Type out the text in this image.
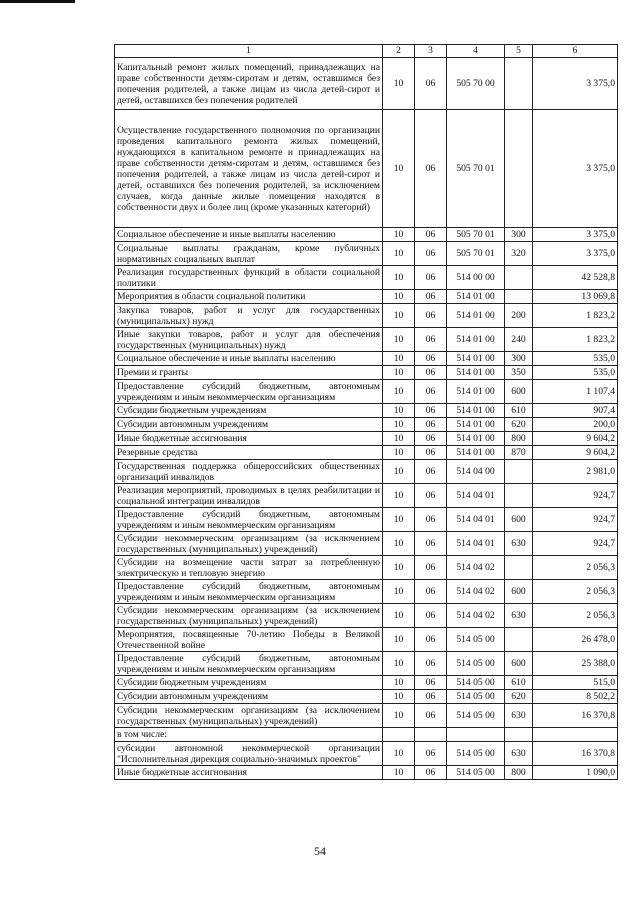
1	2	3	4	5	6
Капитальный ремонт жилых помещений, принадлежащих на праве собственности детям-сиротам и детям, оставшимся без попечения родителей, а также лицам из числа детей-сирот и детей, оставшихся без попечения родителей	10	06	505 70 00		3 375,0
Осуществление государственного полномочия по организации проведения капитального ремонта жилых помещений, нуждающихся в капитальном ремонте и принадлежащих на праве собственности детям-сиротам и детям, оставшимся без попечения родителей, а также лицам из числа детей-сирот и детей, оставшихся без попечения родителей, за исключением случаев, когда данные жилые помещения находятся в собственности двух и более лиц (кроме указанных категорий)	10	06	505 70 01		3 375,0
Социальное обеспечение и иные выплаты населению	10	06	505 70 01	300	3 375,0
Социальные выплаты гражданам, кроме публичных нормативных социальных выплат	10	06	505 70 01	320	3 375,0
Реализация государственных функций в области социальной политики	10	06	514 00 00		42 528,8
Мероприятия в области социальной политики	10	06	514 01 00		13 069,8
Закупка товаров, работ и услуг для государственных (муниципальных) нужд	10	06	514 01 00	200	1 823,2
Иные закупки товаров, работ и услуг для обеспечения государственных (муниципальных) нужд	10	06	514 01 00	240	1 823,2
Социальное обеспечение и иные выплаты населению	10	06	514 01 00	300	535,0
Премии и гранты	10	06	514 01 00	350	535,0
Предоставление субсидий бюджетным, автономным учреждениям и иным некоммерческим организациям	10	06	514 01 00	600	1 107,4
Субсидии бюджетным учреждениям	10	06	514 01 00	610	907,4
Субсидии автономным учреждениям	10	06	514 01 00	620	200,0
Иные бюджетные ассигнования	10	06	514 01 00	800	9 604,2
Резервные средства	10	06	514 01 00	870	9 604,2
Государственная поддержка общероссийских общественных организаций инвалидов	10	06	514 04 00		2 981,0
Реализация мероприятий, проводимых в целях реабилитации и социальной интеграции инвалидов	10	06	514 04 01		924,7
Предоставление субсидий бюджетным, автономным учреждениям и иным некоммерческим организациям	10	06	514 04 01	600	924,7
Субсидии некоммерческим организациям (за исключением государственных (муниципальных) учреждений)	10	06	514 04 01	630	924,7
Субсидии на возмещение части затрат за потребленную электрическую и тепловую энергию	10	06	514 04 02		2 056,3
Предоставление субсидий бюджетным, автономным учреждениям и иным некоммерческим организациям	10	06	514 04 02	600	2 056,3
Субсидии некоммерческим организациям (за исключением государственных (муниципальных) учреждений)	10	06	514 04 02	630	2 056,3
Мероприятия, посвященные 70-летию Победы в Великой Отечественной войне	10	06	514 05 00		26 478,0
Предоставление субсидий бюджетным, автономным учреждениям и иным некоммерческим организациям	10	06	514 05 00	600	25 388,0
Субсидии бюджетным учреждениям	10	06	514 05 00	610	515,0
Субсидии автономным учреждениям	10	06	514 05 00	620	8 502,2
Субсидии некоммерческим организациям (за исключением государственных (муниципальных) учреждений)	10	06	514 05 00	630	16 370,8
в том числе:					
субсидии автономной некоммерческой организации "Исполнительная дирекция социально-значимых проектов"	10	06	514 05 00	630	16 370,8
Иные бюджетные ассигнования	10	06	514 05 00	800	1 090,0
54
